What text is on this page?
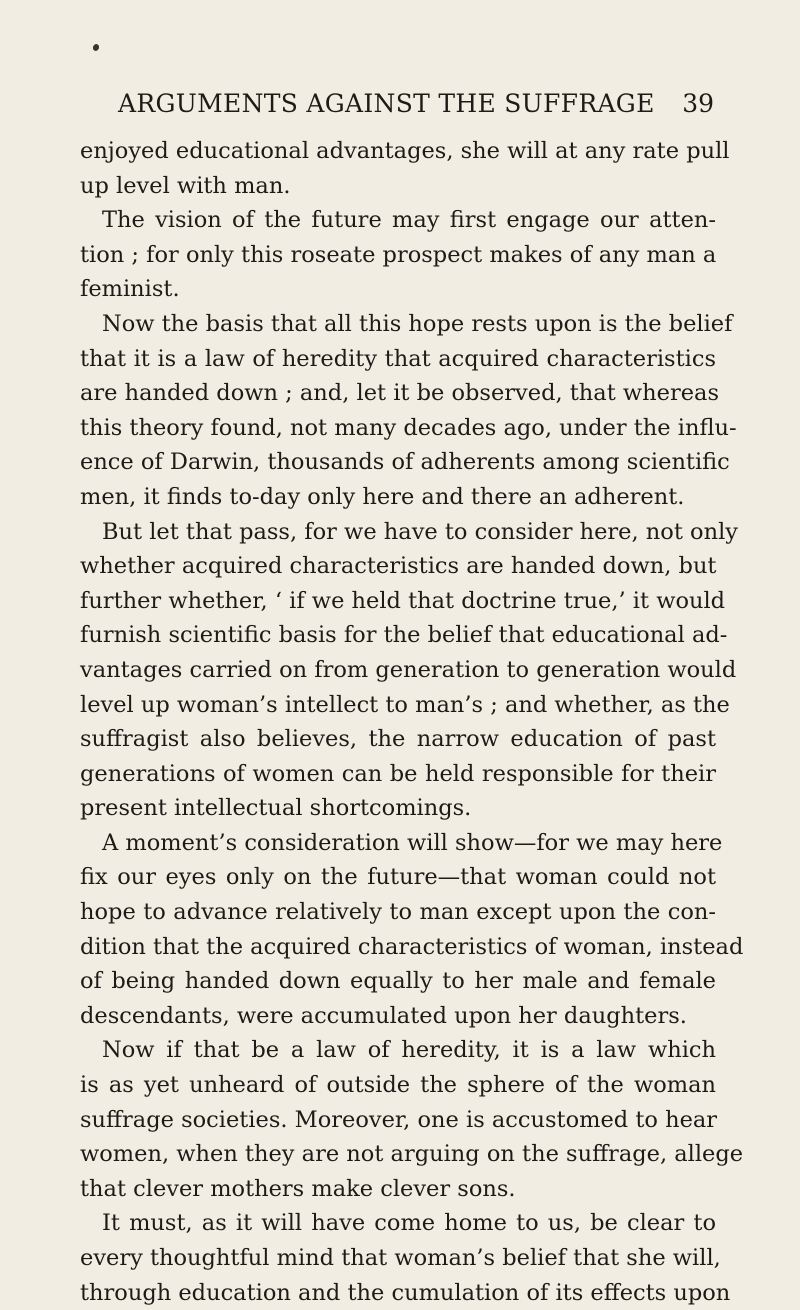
ARGUMENTS AGAINST THE SUFFRAGE 39
enjoyed educational advantages, she will at any rate pull
up level with man.
The vision of the future may first engage our atten-
tion ; for only this roseate prospect makes of any man a
feminist.
Now the basis that all this hope rests upon is the belief
that it is a law of heredity that acquired characteristics
are handed down ; and, let it be observed, that whereas
this theory found, not many decades ago, under the influ-
ence of Darwin, thousands of adherents among scientific
men, it finds to-day only here and there an adherent.
But let that pass, for we have to consider here, not only
whether acquired characteristics are handed down, but
further whether, ‘ if we held that doctrine true,’ it would
furnish scientific basis for the belief that educational ad-
vantages carried on from generation to generation would
level up woman’s intellect to man’s ; and whether, as the
suffragist also believes, the narrow education of past
generations of women can be held responsible for their
present intellectual shortcomings.
A moment’s consideration will show—for we may here
fix our eyes only on the future—that woman could not
hope to advance relatively to man except upon the con-
dition that the acquired characteristics of woman, instead
of being handed down equally to her male and female
descendants, were accumulated upon her daughters.
Now if that be a law of heredity, it is a law which
is as yet unheard of outside the sphere of the woman
suffrage societies. Moreover, one is accustomed to hear
women, when they are not arguing on the suffrage, allege
that clever mothers make clever sons.
It must, as it will have come home to us, be clear to
every thoughtful mind that woman’s belief that she will,
through education and the cumulation of its effects upon
